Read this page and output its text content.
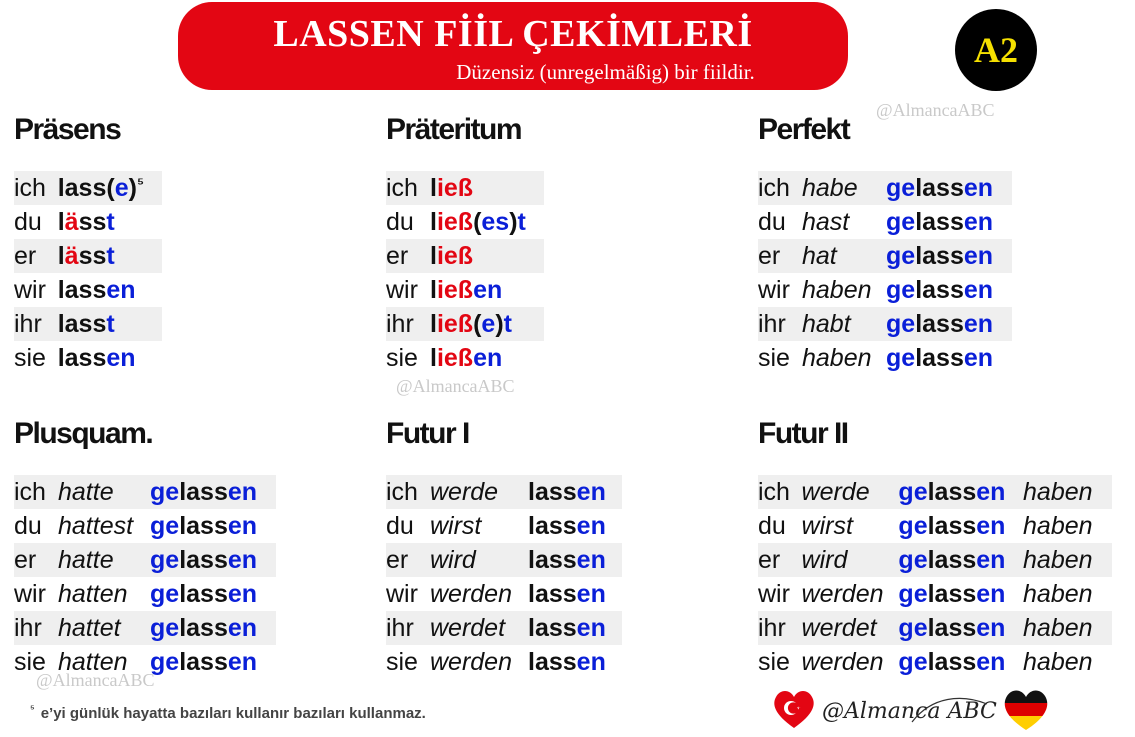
LASSEN FİİL ÇEKİMLERİ
Düzensiz (unregelmäßig) bir fiildir.
A2
@AlmancaABC
@AlmancaABC
@AlmancaABC
Präsens
ich $lass(e)^{^5}$
du lässt
er lässt
wir lassen
ihr lasst
sie lassen
Präteritum
ich ließ
du ließ(es)t
er ließ
wir ließen
ihr ließ(e)t
sie ließen
Perfekt
ich habe	gelassen
du hast	gelassen
er hat	gelassen
wir haben gelassen
ihr habt	gelassen
sie haben gelassen
Plusquam.
ich hatte	gelassen
du hattest gelassen
er hatte	gelassen
wir hatten gelassen
ihr hattet	gelassen
sie hatten gelassen
Futur I
ich werde	lassen
du wirst	lassen
er wird	lassen
wir werden lassen
ihr werdet lassen
sie werden lassen
Futur II
ich werde	gelassen haben
du wirst	gelassen haben
er wird	gelassen haben
wir werden gelassen haben
ihr werdet gelassen haben
sie werden gelassen haben
$^{^5}$ e’yi günlük hayatta bazıları kullanır bazıları kullanmaz.	@Almanca ABC
